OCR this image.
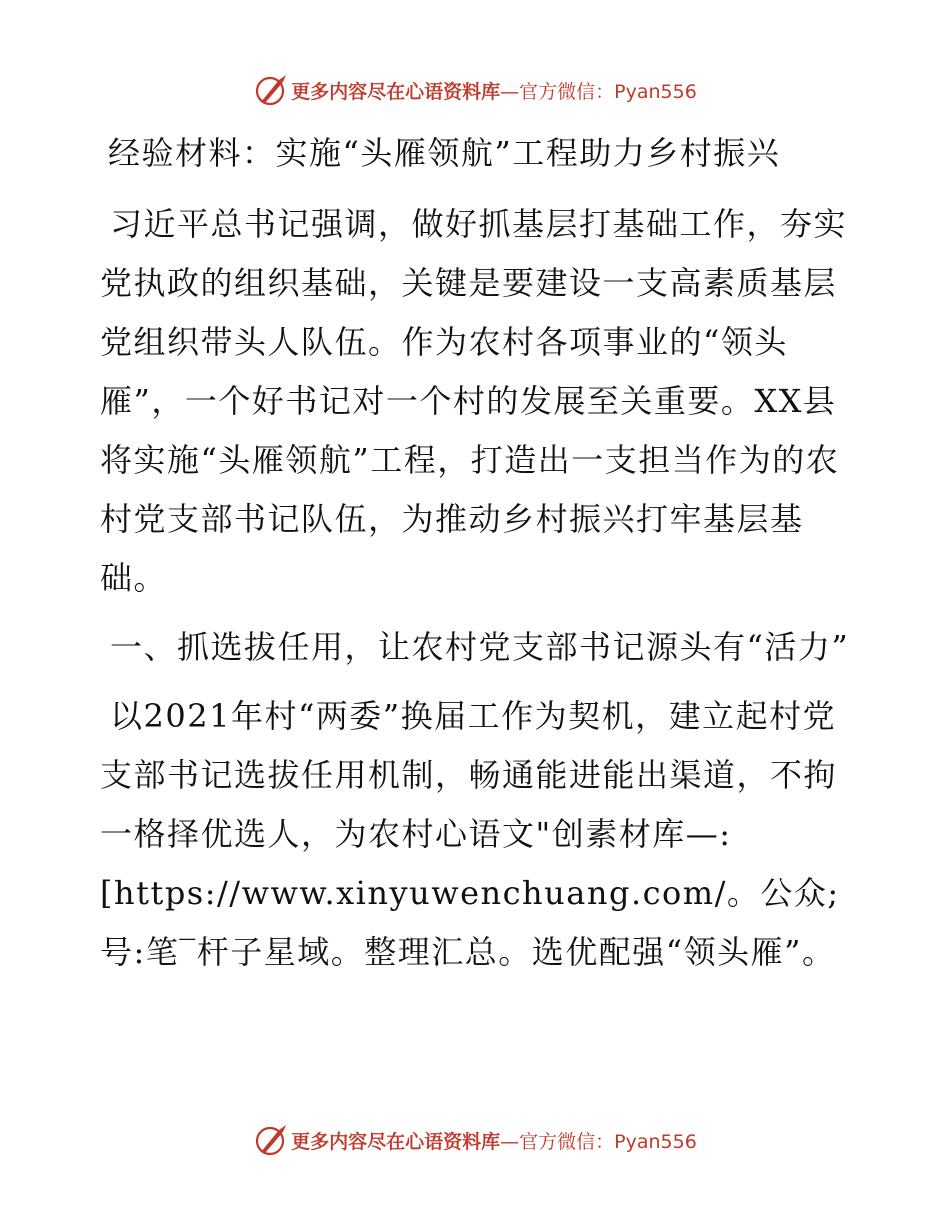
更多内容尽在心语资料库 —官方微信：Pyan556

经验材料：实施“头雁领航”工程助力乡村振兴

习近平总书记强调，做好抓基层打基础工作，夯实党执政的组织基础，关键是要建设一支高素质基层党组织带头人队伍。作为农村各项事业的“领头雁”，一个好书记对一个村的发展至关重要。XX县将实施“头雁领航”工程，打造出一支担当作为的农村党支部书记队伍，为推动乡村振兴打牢基层基础。

一、抓选拔任用，让农村党支部书记源头有“活力”

以2021年村“两委”换届工作为契机，建立起村党支部书记选拔任用机制，畅通能进能出渠道，不拘一格择优选人，为农村心语文"创素材库—:[https://www.xinyuwenchuang.com/。公众;号:笔‾杆子星域。整理汇总。选优配强“领头雁”。

更多内容尽在心语资料库 —官方微信：Pyan556
